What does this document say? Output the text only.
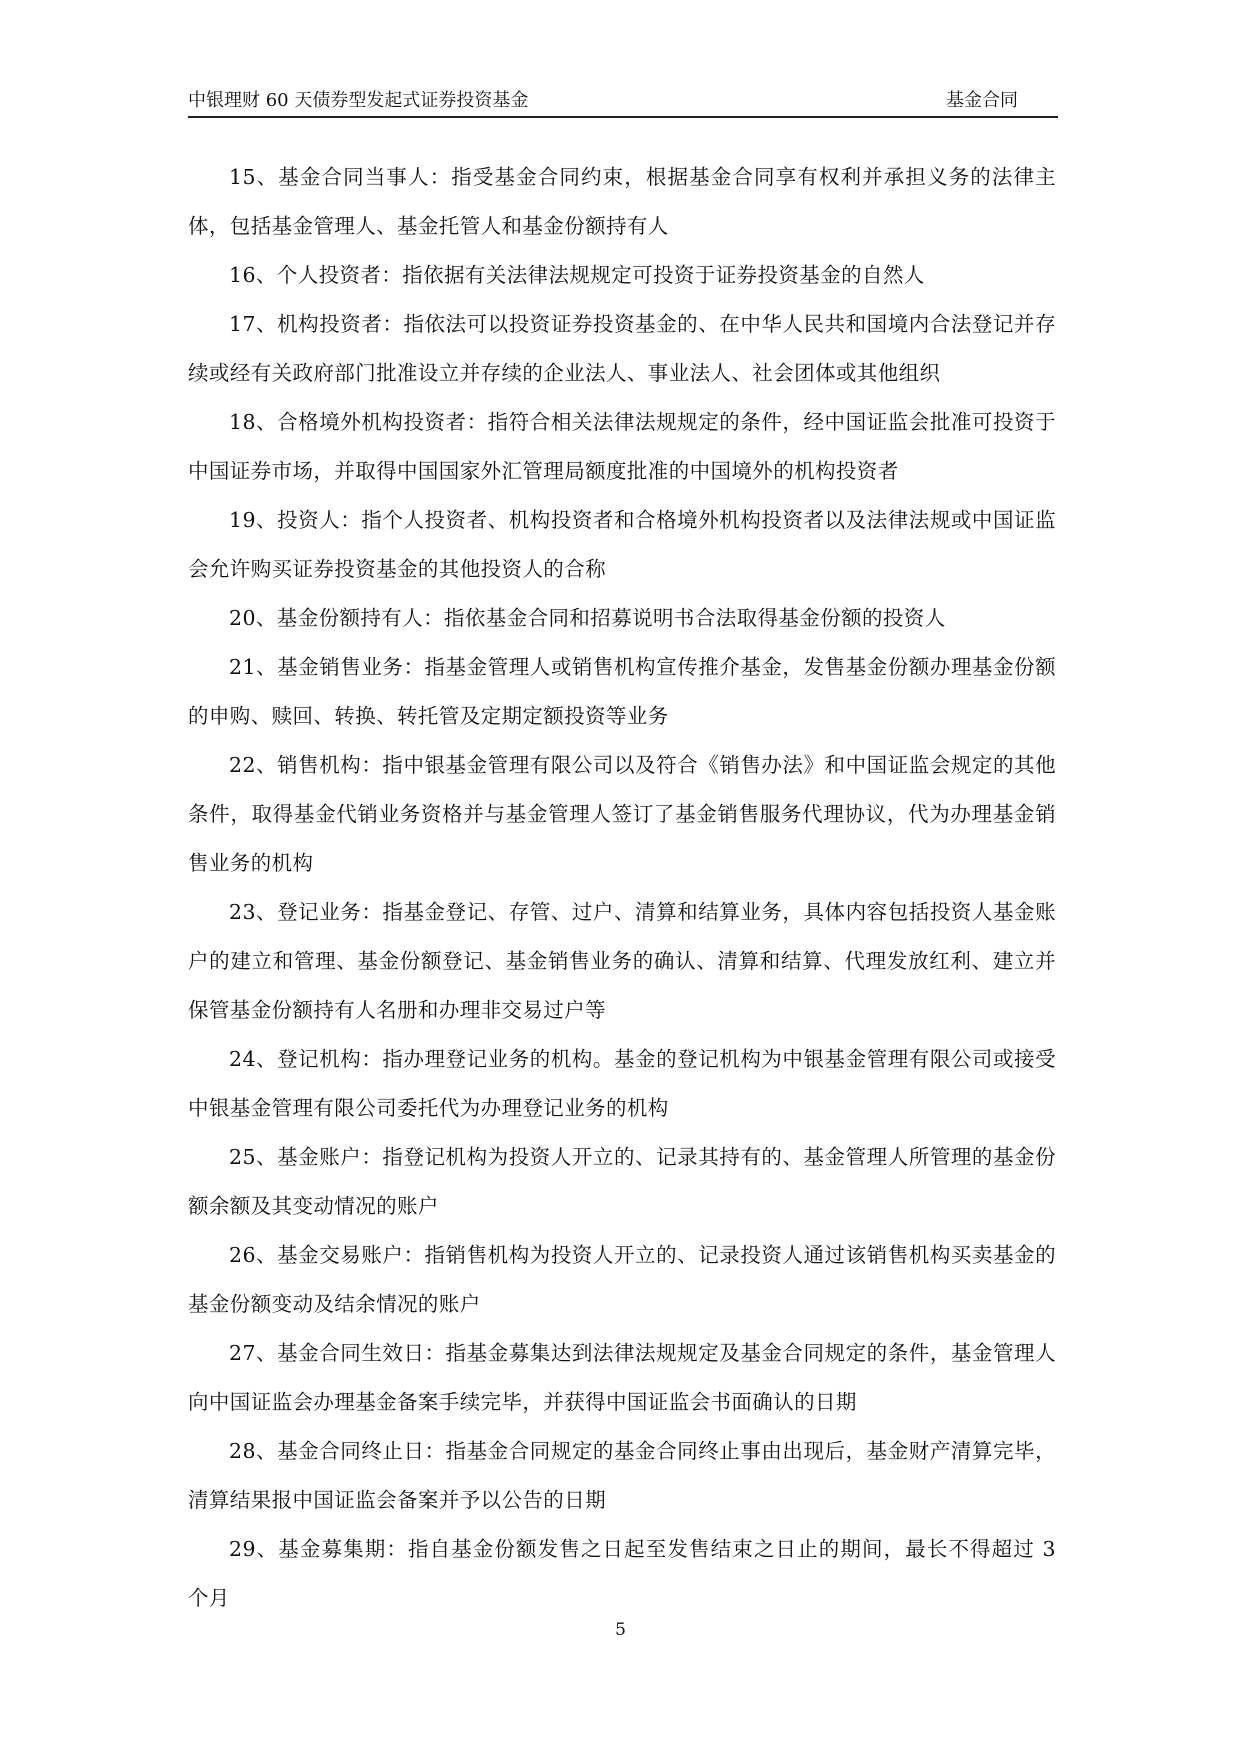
中银理财 60 天债券型发起式证券投资基金	基金合同

15、基金合同当事人：指受基金合同约束，根据基金合同享有权利并承担义务的法律主体，包括基金管理人、基金托管人和基金份额持有人

16、个人投资者：指依据有关法律法规规定可投资于证券投资基金的自然人

17、机构投资者：指依法可以投资证券投资基金的、在中华人民共和国境内合法登记并存续或经有关政府部门批准设立并存续的企业法人、事业法人、社会团体或其他组织

18、合格境外机构投资者：指符合相关法律法规规定的条件，经中国证监会批准可投资于中国证券市场，并取得中国国家外汇管理局额度批准的中国境外的机构投资者

19、投资人：指个人投资者、机构投资者和合格境外机构投资者以及法律法规或中国证监会允许购买证券投资基金的其他投资人的合称

20、基金份额持有人：指依基金合同和招募说明书合法取得基金份额的投资人

21、基金销售业务：指基金管理人或销售机构宣传推介基金，发售基金份额办理基金份额的申购、赎回、转换、转托管及定期定额投资等业务

22、销售机构：指中银基金管理有限公司以及符合《销售办法》和中国证监会规定的其他条件，取得基金代销业务资格并与基金管理人签订了基金销售服务代理协议，代为办理基金销售业务的机构

23、登记业务：指基金登记、存管、过户、清算和结算业务，具体内容包括投资人基金账户的建立和管理、基金份额登记、基金销售业务的确认、清算和结算、代理发放红利、建立并保管基金份额持有人名册和办理非交易过户等

24、登记机构：指办理登记业务的机构。基金的登记机构为中银基金管理有限公司或接受中银基金管理有限公司委托代为办理登记业务的机构

25、基金账户：指登记机构为投资人开立的、记录其持有的、基金管理人所管理的基金份额余额及其变动情况的账户

26、基金交易账户：指销售机构为投资人开立的、记录投资人通过该销售机构买卖基金的基金份额变动及结余情况的账户

27、基金合同生效日：指基金募集达到法律法规规定及基金合同规定的条件，基金管理人向中国证监会办理基金备案手续完毕，并获得中国证监会书面确认的日期

28、基金合同终止日：指基金合同规定的基金合同终止事由出现后，基金财产清算完毕，清算结果报中国证监会备案并予以公告的日期

29、基金募集期：指自基金份额发售之日起至发售结束之日止的期间，最长不得超过 3 个月

5
